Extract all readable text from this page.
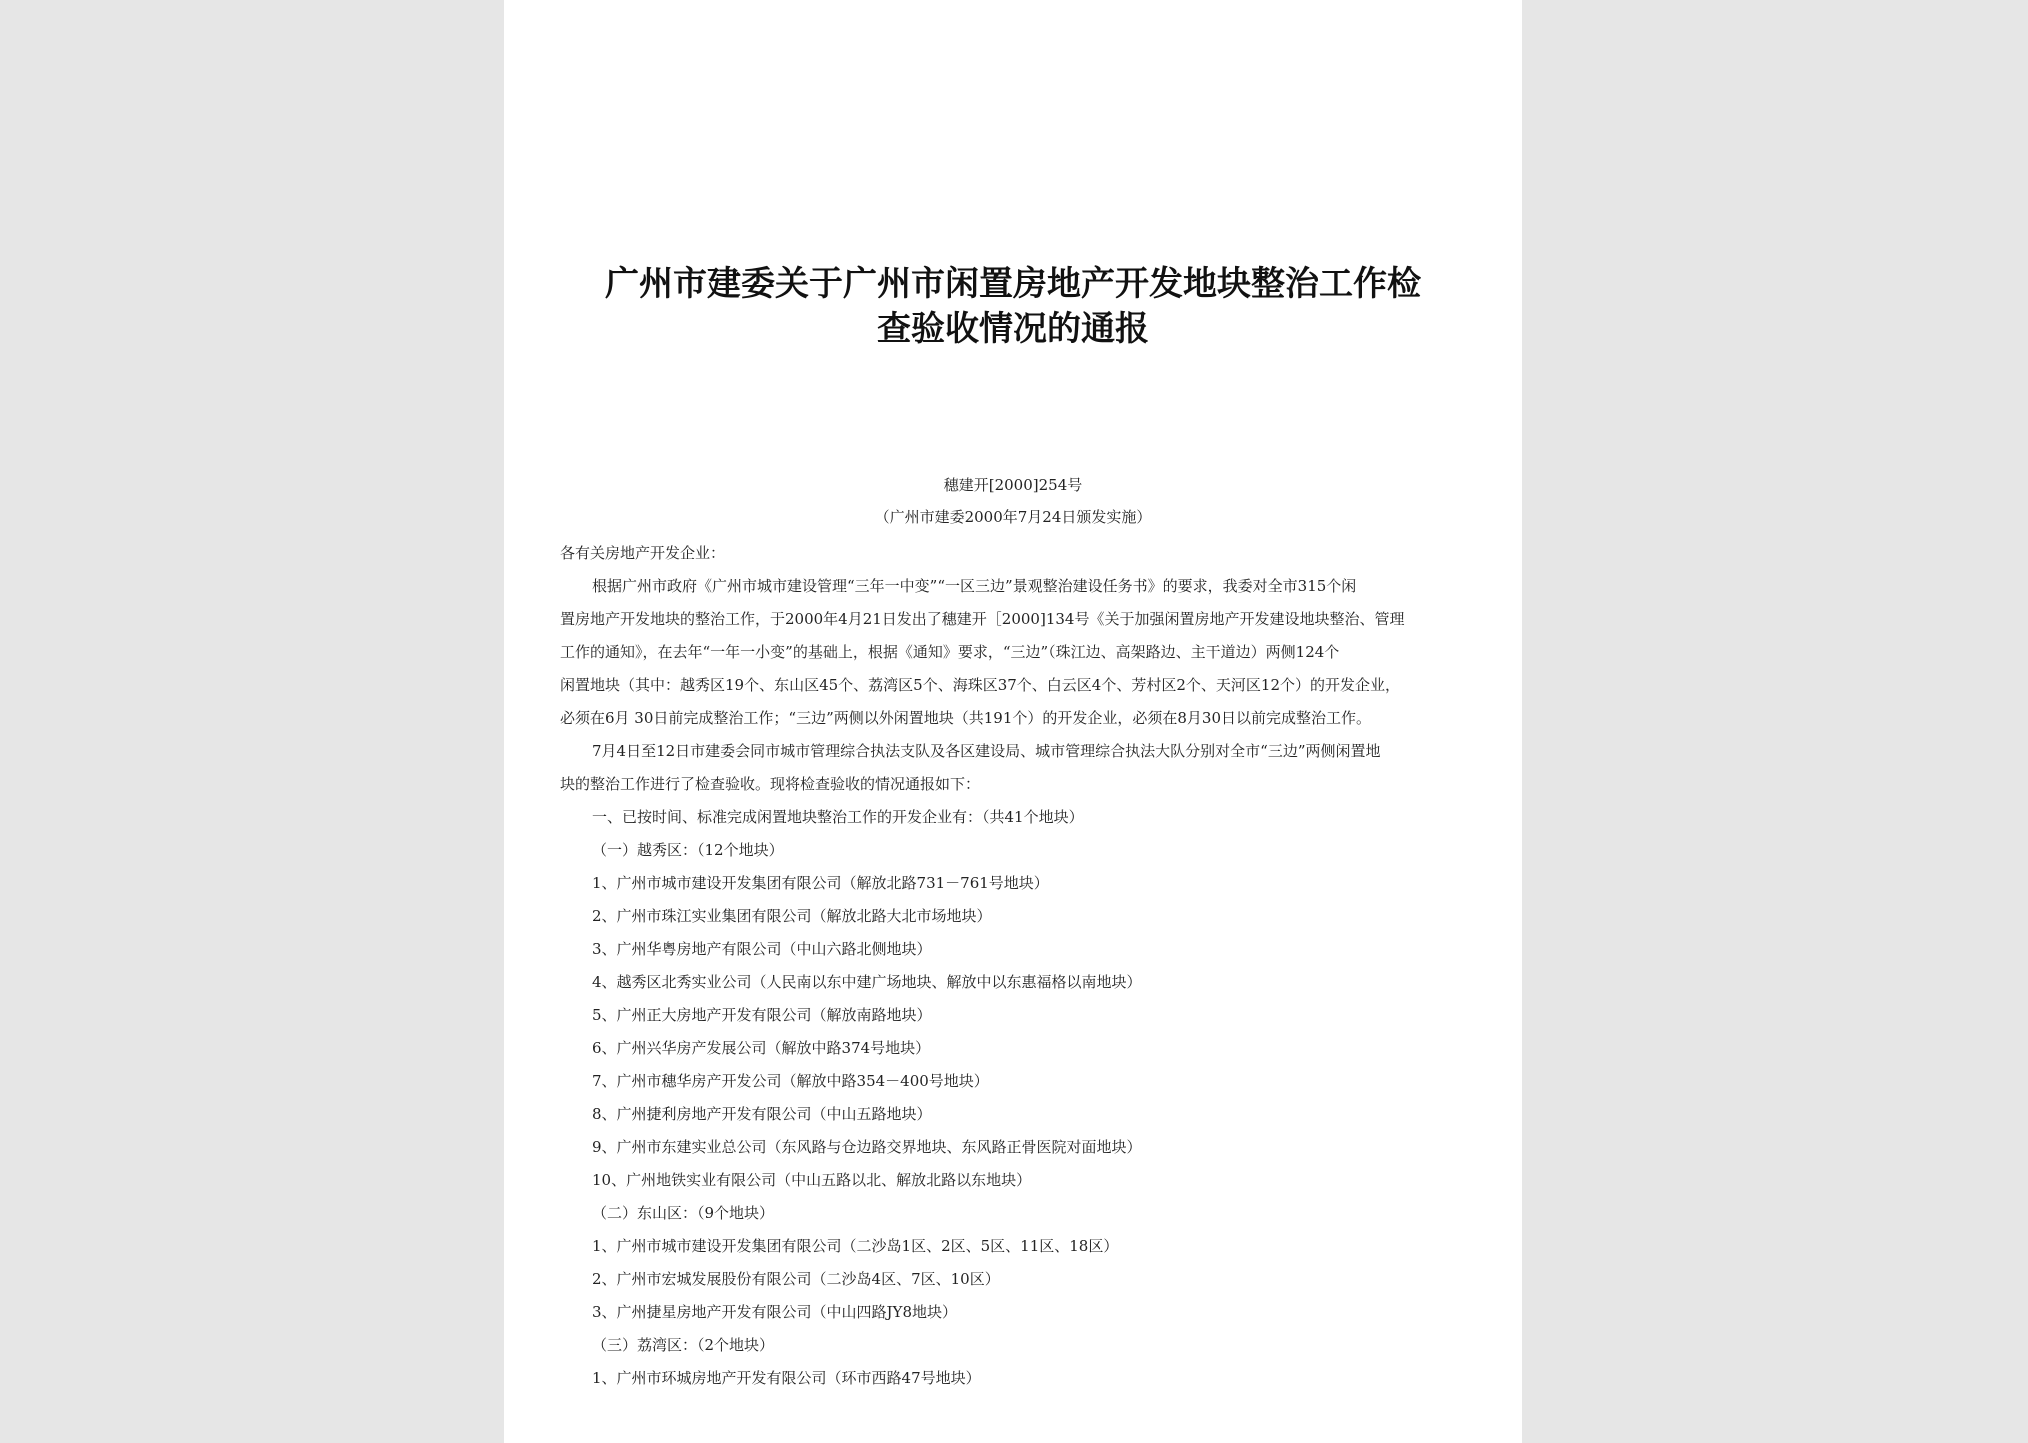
广州市建委关于广州市闲置房地产开发地块整治工作检
查验收情况的通报
穗建开[2000]254号
（广州市建委2000年7月24日颁发实施）

各有关房地产开发企业：

根据广州市政府《广州市城市建设管理“三年一中变”“一区三边”景观整治建设任务书》的要求，我委对全市315个闲

置房地产开发地块的整治工作，于2000年4月21日发出了穗建开［2000]134号《关于加强闲置房地产开发建设地块整治、管理

工作的通知》，在去年“一年一小变”的基础上，根据《通知》要求，“三边”（珠江边、高架路边、主干道边）两侧124个

闲置地块（其中：越秀区19个、东山区45个、荔湾区5个、海珠区37个、白云区4个、芳村区2个、天河区12个）的开发企业，

必须在6月 30日前完成整治工作；“三边”两侧以外闲置地块（共191个）的开发企业，必须在8月30日以前完成整治工作。

7月4日至12日市建委会同市城市管理综合执法支队及各区建设局、城市管理综合执法大队分别对全市“三边”两侧闲置地

块的整治工作进行了检查验收。现将检查验收的情况通报如下：

一、已按时间、标准完成闲置地块整治工作的开发企业有：（共41个地块）

（一）越秀区：（12个地块）

1、广州市城市建设开发集团有限公司（解放北路731－761号地块）

2、广州市珠江实业集团有限公司（解放北路大北市场地块）

3、广州华粤房地产有限公司（中山六路北侧地块）

4、越秀区北秀实业公司（人民南以东中建广场地块、解放中以东惠福格以南地块）

5、广州正大房地产开发有限公司（解放南路地块）

6、广州兴华房产发展公司（解放中路374号地块）

7、广州市穗华房产开发公司（解放中路354－400号地块）

8、广州捷利房地产开发有限公司（中山五路地块）

9、广州市东建实业总公司（东风路与仓边路交界地块、东风路正骨医院对面地块）

10、广州地铁实业有限公司（中山五路以北、解放北路以东地块）

（二）东山区：（9个地块）

1、广州市城市建设开发集团有限公司（二沙岛1区、2区、5区、11区、18区）

2、广州市宏城发展股份有限公司（二沙岛4区、7区、10区）

3、广州捷星房地产开发有限公司（中山四路JY8地块）

（三）荔湾区：（2个地块）

1、广州市环城房地产开发有限公司（环市西路47号地块）
